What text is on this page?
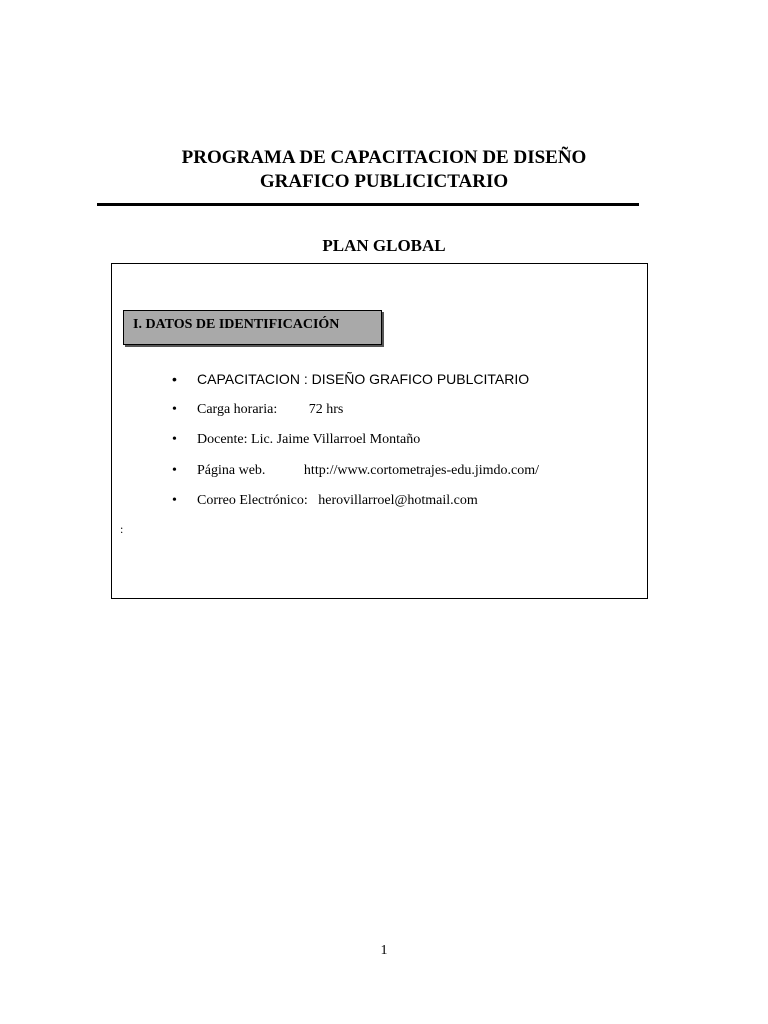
PROGRAMA DE CAPACITACION DE DISEÑO
GRAFICO PUBLICICTARIO
PLAN GLOBAL
I. DATOS DE IDENTIFICACIÓN
• CAPACITACION : DISEÑO GRAFICO PUBLCITARIO
• Carga horaria:         72 hrs
• Docente: Lic. Jaime Villarroel Montaño
• Página web.           http://www.cortometrajes-edu.jimdo.com/
• Correo Electrónico:   herovillarroel@hotmail.com
:
1
